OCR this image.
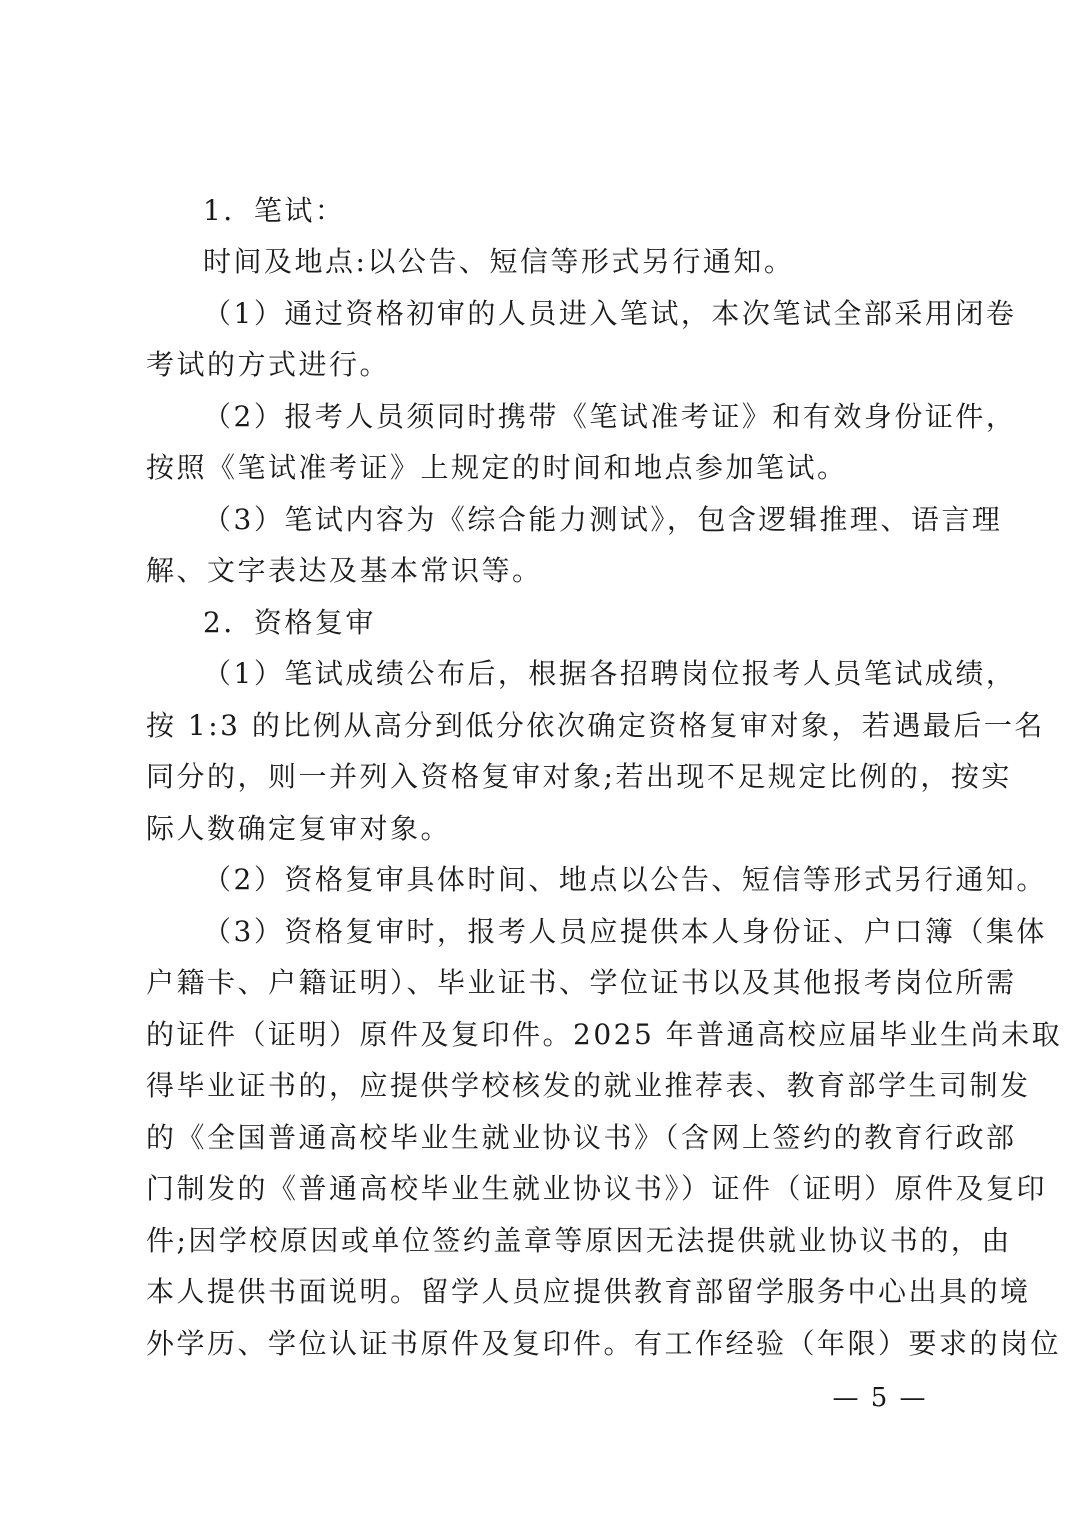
1．笔试：
时间及地点:以公告、短信等形式另行通知。
（1）通过资格初审的人员进入笔试，本次笔试全部采用闭卷
考试的方式进行。
（2）报考人员须同时携带《笔试准考证》和有效身份证件，
按照《笔试准考证》上规定的时间和地点参加笔试。
（3）笔试内容为《综合能力测试》，包含逻辑推理、语言理
解、文字表达及基本常识等。
2．资格复审
（1）笔试成绩公布后，根据各招聘岗位报考人员笔试成绩，
按 1:3 的比例从高分到低分依次确定资格复审对象，若遇最后一名
同分的，则一并列入资格复审对象;若出现不足规定比例的，按实
际人数确定复审对象。
（2）资格复审具体时间、地点以公告、短信等形式另行通知。
（3）资格复审时，报考人员应提供本人身份证、户口簿（集体
户籍卡、户籍证明）、毕业证书、学位证书以及其他报考岗位所需
的证件（证明）原件及复印件。2025 年普通高校应届毕业生尚未取
得毕业证书的，应提供学校核发的就业推荐表、教育部学生司制发
的《全国普通高校毕业生就业协议书》（含网上签约的教育行政部
门制发的《普通高校毕业生就业协议书》）证件（证明）原件及复印
件;因学校原因或单位签约盖章等原因无法提供就业协议书的，由
本人提供书面说明。留学人员应提供教育部留学服务中心出具的境
外学历、学位认证书原件及复印件。有工作经验（年限）要求的岗位
— 5 —
